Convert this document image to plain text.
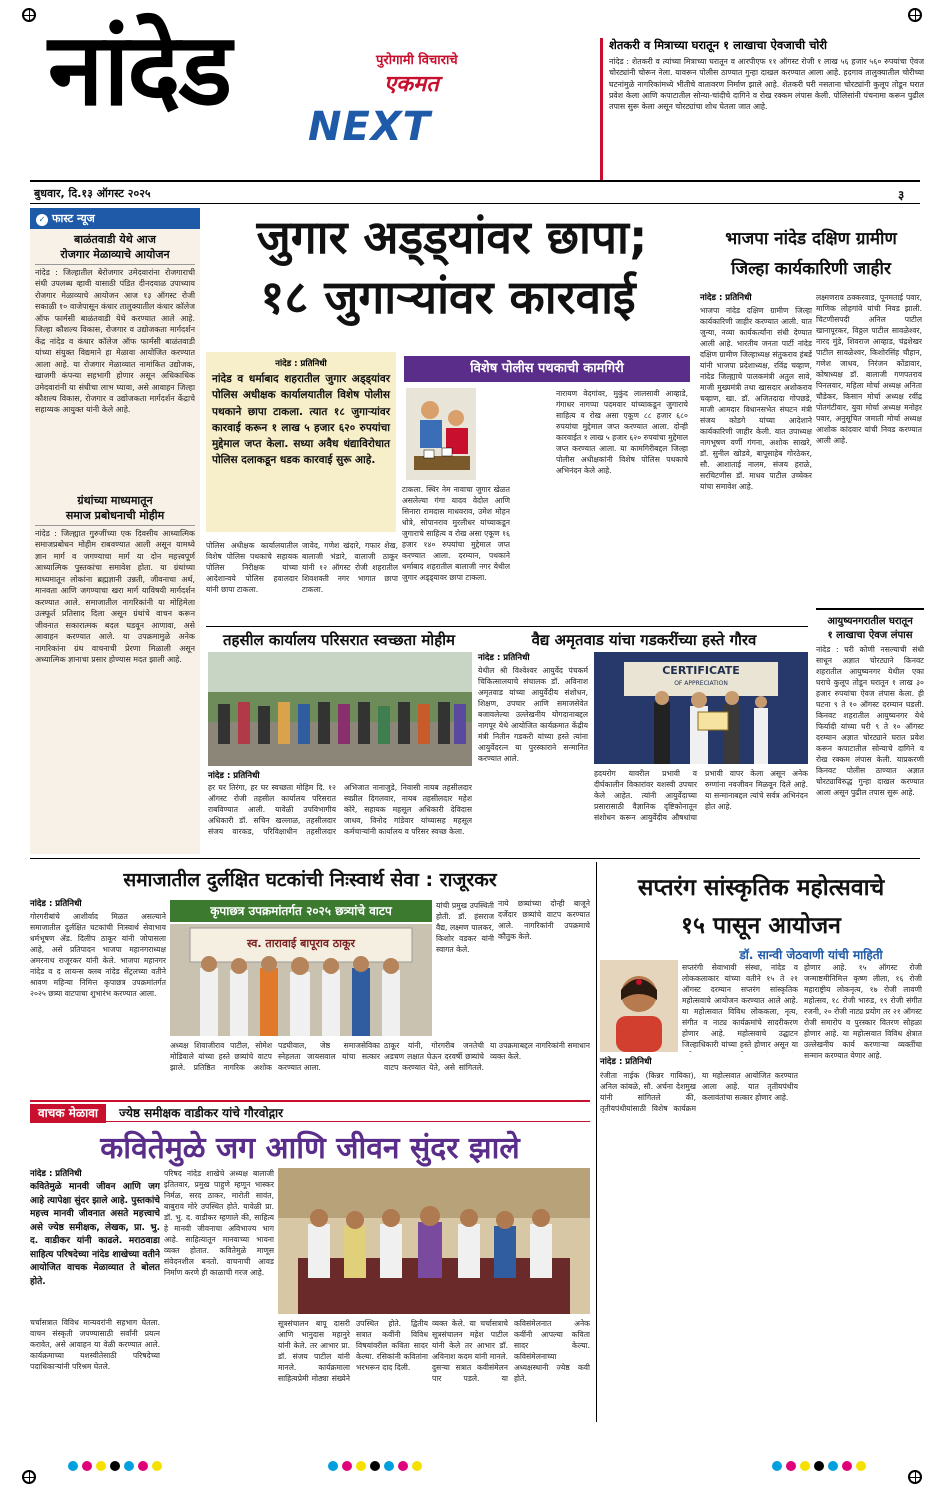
नांदेड	पुरोगामी विचाराचे
एकमत
NEXT
शेतकरी व मित्राच्या घरातून १ लाखाचा ऐवजाची चोरी
नांदेड : शेतकरी व त्यांच्या मित्राच्या घरातून व आरपीएफ ११ ऑगस्ट रोजी १ लाख ५६ हजार ५६० रुपयांचा ऐवज चोरट्यांनी चोरून नेला. यावरून पोलीस ठाण्यात गुन्हा दाखल करण्यात आला आहे. हदगाव तालुक्यातील चोरीच्या घटनांमुळे नागरिकांमध्ये भीतीचे वातावरण निर्माण झाले आहे. शेतकरी घरी नसताना चोरट्यांनी कुलूप तोडून घरात प्रवेश केला आणि कपाटातील सोन्या-चांदीचे दागिने व रोख रक्कम लंपास केली. पोलिसांनी पंचनामा करून पुढील तपास सुरू केला असून चोरट्यांचा शोध घेतला जात आहे.
बुधवार, दि.१३ ऑगस्ट २०२५	३
✓ फास्ट न्यूज
बाळंतवाडी येथे आज
रोजगार मेळाव्याचे आयोजन
नांदेड : जिल्हातील बेरोजगार उमेदवारांना रोजगाराची संधी उपलब्ध व्हावी यासाठी पंडित दीनदयाळ उपाध्याय रोजगार मेळाव्याचे आयोजन आज १३ ऑगस्ट रोजी सकाळी १० वाजेपासून कंधार तालुक्यातील कंधार कॉलेज ऑफ फार्मसी बाळंतवाडी येथे करण्यात आले आहे. जिल्हा कौशल्य विकास, रोजगार व उद्योजकता मार्गदर्शन केंद्र नांदेड व कंधार कॉलेज ऑफ फार्मसी बाळंतवाडी यांच्या संयुक्त विद्यमाने हा मेळावा आयोजित करण्यात आला आहे. या रोजगार मेळाव्यात नामांकित उद्योजक, खाजगी कंपन्या सहभागी होणार असून अधिकाधिक उमेदवारांनी या संधीचा लाभ घ्यावा, असे आवाहन जिल्हा कौशल्य विकास, रोजगार व उद्योजकता मार्गदर्शन केंद्राचे सहाय्यक आयुक्त यांनी केले आहे.
ग्रंथांच्या माध्यमातून
समाज प्रबोधनाची मोहीम
नांदेड : जिल्ह्यात गुरुजींच्या एक दिवसीय आध्यात्मिक समाजप्रबोधन मोहीम राबवण्यात आली असून यामध्ये ज्ञान मार्ग व जगण्याचा मार्ग या दोन महत्त्वपूर्ण आध्यात्मिक पुस्तकांचा समावेश होता. या ग्रंथांच्या माध्यमातून लोकांना ब्रह्मज्ञानी उन्नती, जीवनाचा अर्थ, मानवता आणि जगण्याचा खरा मार्ग याविषयी मार्गदर्शन करण्यात आले. समाजातील नागरिकांनी या मोहिमेला उत्स्फूर्त प्रतिसाद दिला असून ग्रंथांचे वाचन करून जीवनात सकारात्मक बदल घडवून आणावा, असे आवाहन करण्यात आले. या उपक्रमामुळे अनेक नागरिकांना ग्रंथ वाचनाची प्रेरणा मिळाली असून अध्यात्मिक ज्ञानाचा प्रसार होण्यास मदत झाली आहे.
जुगार अड्ड्यांवर छापा;
१८ जुगाऱ्यांवर कारवाई
नांदेड : प्रतिनिधी
नांदेड व धर्माबाद शहरातील जुगार अड्ड्यांवर पोलिस अधीक्षक कार्यालयातील विशेष पोलीस पथकाने छापा टाकला. त्यात १८ जुगाऱ्यांवर कारवाई करून १ लाख ५ हजार ६२० रुपयांचा मुद्देमाल जप्त केला. सध्या अवैध धंद्याविरोधात पोलिस दलाकडून धडक कारवाई सुरू आहे.
विशेष पोलीस पथकाची कामगिरी
टाकला. स्थिर नेम नावाचा जुगार खेळत असलेल्या गंगा यादव वेदोल आणि सिनारा रामदास माधवराव, उमेश मोहन धोत्रे, सोपानराव मुरलीधर यांच्याकडून जुगाराचे साहित्य व रोख असा एकूण १६ हजार १४० रुपयांचा मुद्देमाल जप्त करण्यात आला. दरम्यान, पथकाने धर्माबाद शहरातील बालाजी नगर येथील जुगार अड्ड्यावर छापा टाकला.
नारायण वेदगांवर, मुकुंद लालसावी आव्हाडे, गंगाधर नागप्पा पदमवार यांच्याकडून जुगाराचे साहित्य व रोख असा एकूण ८८ हजार ६८० रुपयांचा मुद्देमाल जप्त करण्यात आला. दोन्ही कारवाईत १ लाख ५ हजार ६२० रुपयांचा मुद्देमाल जप्त करण्यात आला. या कामगिरीबद्दल जिल्हा पोलीस अधीक्षकांनी विशेष पोलिस पथकाचे अभिनंदन केले आहे.
पोलिस अधीक्षक कार्यालयातील विशेष पोलिस पथकाचे सहायक पोलिस निरीक्षक यांच्या आदेशान्वये पोलिस हवालदार यांनी छापा टाकला.
जावेद, गणेश खंदारे, गफार शेख, बालाजी भंडारे, वालाजी ठाकूर यांनी १२ ऑगस्ट रोजी शहरातील शिवशक्ती नगर भागात छापा टाकला.
भाजपा नांदेड दक्षिण ग्रामीण
जिल्हा कार्यकारिणी जाहीर
नांदेड : प्रतिनिधी
भाजपा नांदेड दक्षिण ग्रामीण जिल्हा कार्यकारिणी जाहीर करण्यात आली. यात जुन्या, नव्या कार्यकर्त्यांना संधी देण्यात आली आहे. भारतीय जनता पार्टी नांदेड दक्षिण ग्रामीण जिल्हाध्यक्ष संतुकराव हंबर्डे यांनी भाजपा प्रदेशाध्यक्ष, रविंद्र चव्हाण, नांदेड जिल्ह्याचे पालकमंत्री अतुल सावे, माजी मुख्यमंत्री तथा खासदार अशोकराव चव्हाण, खा. डॉ. अजितदादा गोपछडे, माजी आमदार विधानसभेत संघटन मंत्री संजय कोडगे यांच्या आदेशाने कार्यकारिणी जाहीर केली. यात उपाध्यक्ष नागभूषण वर्णी गंगना, अशोक साखरे, डॉ. सुनील खोडवे, बापूसाहेब गोरठेकर, सौ. आशाताई नालम, संजय हराळे, सरचिटणीस डॉ. माधव पाटील उच्चेकर यांचा समावेश आहे.
लक्ष्मणराव ठक्करवाड, पूनमताई पवार, माणिक लोहगांवे यांची निवड झाली. चिटणीसपदी अनिल पाटील खानापूरकर, विठ्ठल पाटील सावळेश्वर, नारद मुंडे, शिवराज आव्हाड, चंद्रशेखर पाटील सावळेश्वर, किशोरसिंह चौहान, गणेश जाधव, निरंजन कोंडावार, कोषाध्यक्ष डॉ. बालाजी गणपतराव पिनलवार, महिला मोर्चा अध्यक्ष अनिता चौडेकर, किसान मोर्चा अध्यक्ष रवींद्र पोतगंटीवार, युवा मोर्चा अध्यक्ष मनोहर पवार, अनुसूचित जमाती मोर्चा अध्यक्ष आशोक कांदवार यांची निवड करण्यात आली आहे.
आयुष्यनगरातील घरातून
१ लाखाचा ऐवज लंपास
नांदेड : घरी कोणी नसल्याची संधी साधून अज्ञात चोरट्याने किनवट शहरातील आयुष्यनगर येथील एका घराचे कुलूप तोडून घरातून १ लाख ३० हजार रुपयांचा ऐवज लंपास केला. ही घटना ९ ते १० ऑगस्ट दरम्यान घडली. किनवट शहरातील आयुष्यनगर येथे फिर्यादी यांच्या घरी ९ ते १० ऑगस्ट दरम्यान अज्ञात चोरट्याने घरात प्रवेश करून कपाटातील सोन्याचे दागिने व रोख रक्कम लंपास केली. याप्रकरणी किनवट पोलीस ठाण्यात अज्ञात चोरट्याविरुद्ध गुन्हा दाखल करण्यात आला असून पुढील तपास सुरू आहे.
तहसील कार्यालय परिसरात स्वच्छता मोहीम
नांदेड : प्रतिनिधी
हर घर तिरंगा, हर घर स्वच्छता मोहिम दि. १२ ऑगस्ट रोजी तहसील कार्यालय परिसरात राबविण्यात आली. यावेळी उपविभागीय अधिकारी डॉ. सचिन खल्लाळ, तहसीलदार संजय वारकड, परिविक्षाधीन तहसीलदार अभिजात नानाजुडे, निवासी नायब तहसीलदार स्वप्नील दिगलवार, नायब तहसीलदार महेश कोरे, सहायक महसूल अधिकारी देविदास जाधव, विनोद गांडेवार यांच्यासह महसूल कर्मचाऱ्यांनी कार्यालय व परिसर स्वच्छ केला.
वैद्य अमृतवाड यांचा गडकरींच्या हस्ते गौरव
नांदेड : प्रतिनिधी
येथील श्री विश्वेश्वर आयुर्वेद पंचकर्म चिकित्सालयाचे संचालक डॉ. अविनाश अमृतवाड यांच्या आयुर्वेदीय संशोधन, शिक्षण, उपचार आणि समाजसेवेत बजावलेल्या उल्लेखनीय योगदानाबद्दल नागपूर येथे आयोजित कार्यक्रमात केंद्रीय मंत्री नितीन गडकरी यांच्या हस्ते त्यांना आयुर्वेदरत्न या पुरस्काराने सन्मानित करण्यात आले.
CERTIFICATE
OF APPRECIATION
हदयरोग यावरील प्रभावी व दीर्घकालीन विकारांवर यशस्वी उपचार केले आहेत. त्यांनी आयुर्वेदाच्या प्रसारासाठी वैज्ञानिक दृष्टिकोनातून संशोधन करून आयुर्वेदीय औषधांचा प्रभावी वापर केला असून अनेक रुग्णांना नवजीवन मिळवून दिले आहे. या सन्मानाबद्दल त्यांचे सर्वत्र अभिनंदन होत आहे.
समाजातील दुर्लक्षित घटकांची निःस्वार्थ सेवा : राजूरकर
नांदेड : प्रतिनिधी
गोरगरीबांचे आशीर्वाद मिळत असल्याने समाजातील दुर्लक्षित घटकांची निःस्वार्थ सेवाभाव धर्मभूषण ॲड. दिलीप ठाकूर यांनी जोपासला आहे, असे प्रतिपादन भाजपा महानगराध्यक्ष अमरनाथ राजूरकर यांनी केले. भाजपा महानगर नांदेड व द लायन्स क्लब नांदेड सेंट्रलच्या वतीने श्रावण महिन्या निमित्त कृपाछत्र उपक्रमांतर्गत २०२५ छत्र्या वाटपाचा शुभारंभ करण्यात आला.
कृपाछत्र उपक्रमांतर्गत २०२५ छत्र्यांचे वाटप
स्व. तारावाई बापूराव ठाकूर
यांची प्रमुख उपस्थिती होती. डॉ. हंसराज वैद्य, लक्ष्मण पालकर, किशोर वडकर यांनी स्वागत केले.
नाये छत्र्यांच्या दोन्ही बाजूने दर्जेदार छत्र्यांचे वाटप करण्यात आले. नागरिकांनी उपक्रमाचे कौतुक केले.
अध्यक्ष शिवाजीराव पाटील, सोमेश मोडिवाले यांच्या हस्ते छत्र्यांचे वाटप झाले. प्रतिष्ठित नागरिक अशोक पडघीवाल, जेष्ठ समाजसेविका स्नेहलता जायसवाल यांचा सत्कार करण्यात आला.
ठाकूर यांनी, गोरगरीब जनतेची अडचण लक्षात घेऊन दरवर्षी छत्र्यांचे वाटप करण्यात येते, असे सांगितले. या उपक्रमाबद्दल नागरिकांनी समाधान व्यक्त केले.
सप्तरंग सांस्कृतिक महोत्सवाचे
१५ पासून आयोजन
डॉ. सान्वी जेठवाणी यांची माहिती
सप्तरंगी सेवाभावी संस्था, नांदेड व लोककलाकार यांच्या वतीने १५ ते २१ ऑगस्ट दरम्यान सप्तरंग सांस्कृतिक महोत्सवाचे आयोजन करण्यात आले आहे. या महोत्सवात विविध लोककला, नृत्य, संगीत व नाट्य कार्यक्रमांचे सादरीकरण होणार आहे. महोत्सवाचे उद्घाटन जिल्हाधिकारी यांच्या हस्ते होणार असून या
नांदेड : प्रतिनिधी
रंजीता नाईक (किन्नर गायिका), अनिल कांबळे, सौ. अर्चना देशमुख यांनी सांगितले की, तृतीयपंथीयांसाठी विशेष कार्यक्रम या महोत्सवात आयोजित करण्यात आला आहे. यात तृतीयपंथीय कलावंतांचा सत्कार होणार आहे.
होणार आहे. १५ ऑगस्ट रोजी जन्माष्टमीनिमित्त कृष्ण लीला, १६ रोजी महाराष्ट्रीय लोकनृत्य, १७ रोजी लावणी महोत्सव, १८ रोजी भारुड, १९ रोजी संगीत रजनी, २० रोजी नाट्य प्रयोग तर २१ ऑगस्ट रोजी समारोप व पुरस्कार वितरण सोहळा होणार आहे. या महोत्सवात विविध क्षेत्रात उल्लेखनीय कार्य करणाऱ्या व्यक्तींचा सन्मान करण्यात येणार आहे.
वाचक मेळावा ज्येष्ठ समीक्षक वाडीकर यांचे गौरवोद्गार
कवितेमुळे जग आणि जीवन सुंदर झाले
नांदेड : प्रतिनिधी
कवितेमुळे मानवी जीवन आणि जग आहे त्यापेक्षा सुंदर झाले आहे. पुस्तकांचे महत्त्व मानवी जीवनात असते महत्त्वाचे असे ज्येष्ठ समीक्षक, लेखक, प्रा. भु. द. वाडीकर यांनी काढले. मराठवाडा साहित्य परिषदेच्या नांदेड शाखेच्या वतीने आयोजित वाचक मेळाव्यात ते बोलत होते.
चर्चासत्रात विविध मान्यवरांनी सहभाग घेतला. वाचन संस्कृती जपण्यासाठी सर्वांनी प्रयत्न करावेत, असे आवाहन या वेळी करण्यात आले. कार्यक्रमाच्या यशस्वीतेसाठी परिषदेच्या पदाधिकाऱ्यांनी परिश्रम घेतले.
परिषद नांदेड शाखेचे अध्यक्ष बालाजी इतितवार, प्रमुख पाहुणे म्हणून भास्कर निर्मळ, सरद ठाकर, मारोती सावंत, बाबुराव मोरे उपस्थित होते. यावेळी प्रा. डॉ. भु. द. वाडीकर म्हणाले की, साहित्य हे मानवी जीवनाचा अविभाज्य भाग आहे. साहित्यातून मानवाच्या भावना व्यक्त होतात. कवितेमुळे माणूस संवेदनशील बनतो. वाचनाची आवड निर्माण करणे ही काळाची गरज आहे.
सूत्रसंचालन बापू दासरी आणि भानुदास महानुरे यांनी केले. तर आभार प्रा. डॉ. संजय पाटील यांनी मानले. कार्यक्रमाला साहित्यप्रेमी मोठ्या संख्येने उपस्थित होते. द्वितीय सत्रात कवींनी विविध विषयांवरील कविता सादर केल्या. रसिकांनी कवितांना भरभरून दाद दिली.
व्यक्त केले. या चर्चासत्राचे सूत्रसंचालन महेश पाटील यांनी केले तर आभार डॉ. अविनाश कदम यांनी मानले. दुसऱ्या सत्रात कवीसंमेलन पार पडले. या कविसंमेलनात अनेक कवींनी आपल्या कविता सादर केल्या. कविसंमेलनाच्या अध्यक्षस्थानी ज्येष्ठ कवी होते.
